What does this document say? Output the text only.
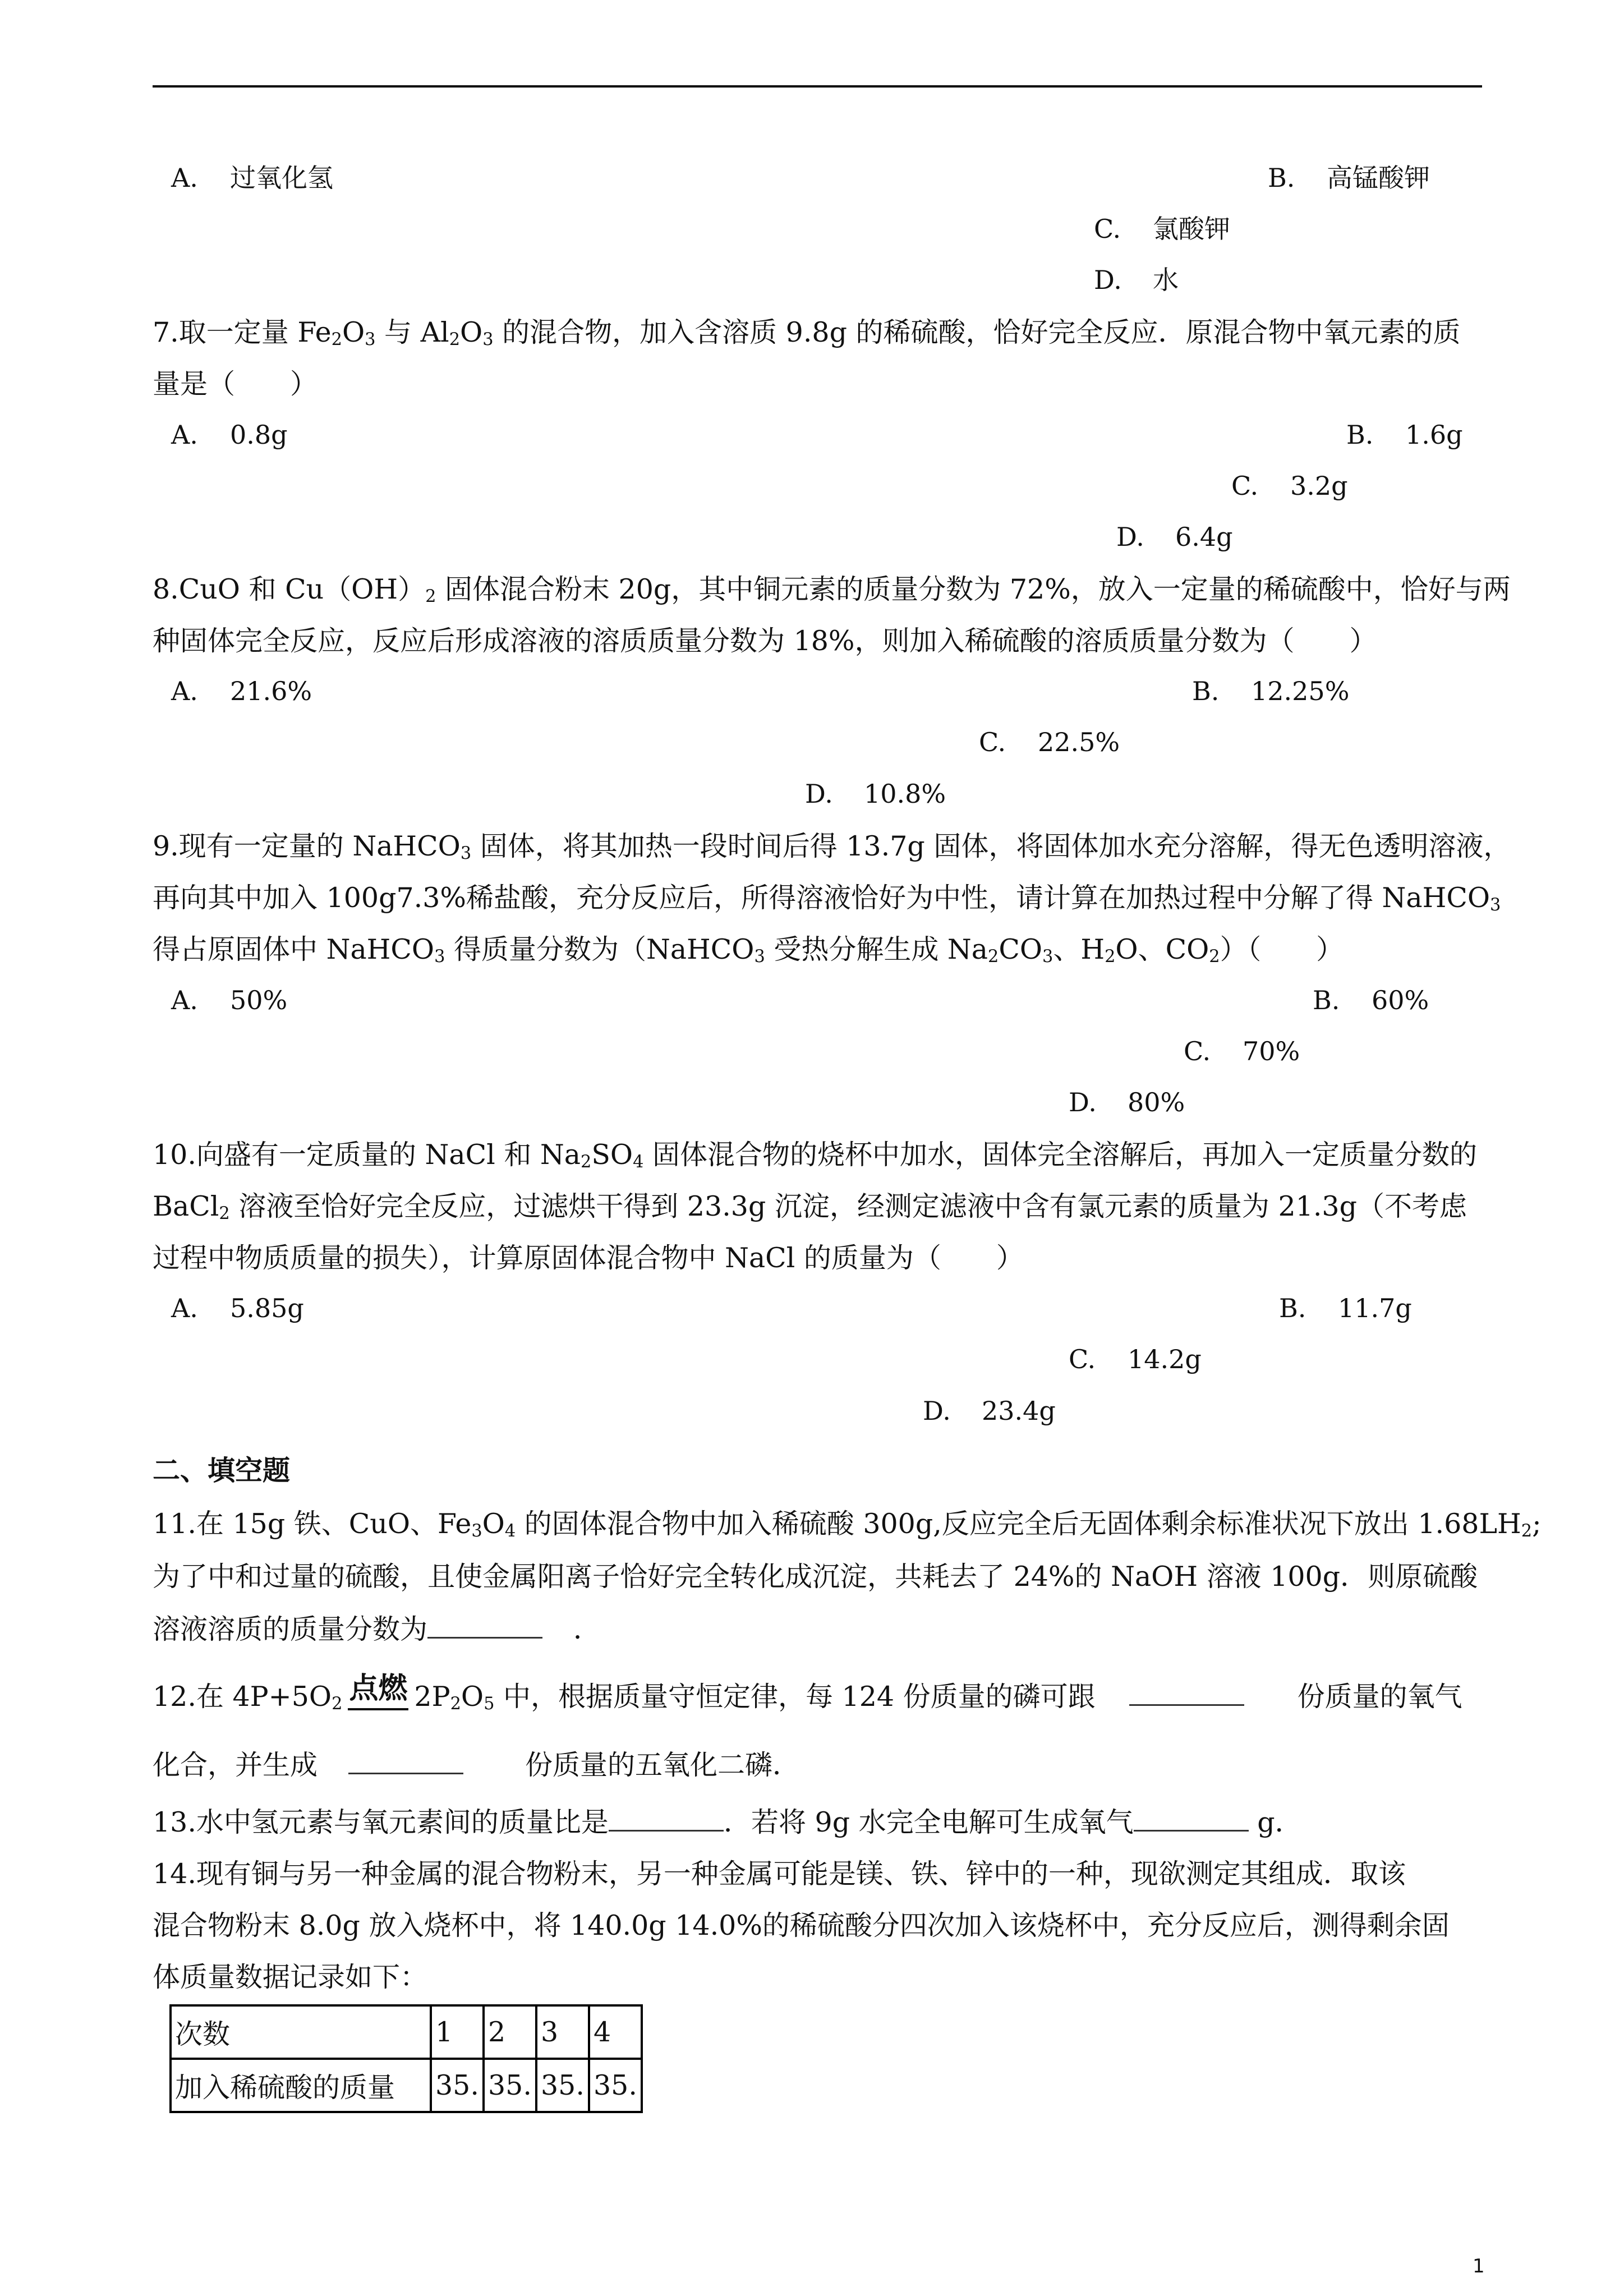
A. 过氧化氢	B. 高锰酸钾
C. 氯酸钾
D. 水
7.取一定量 $Fe_2O_3$ 与 $Al_2O_3$ 的混合物，加入含溶质 9.8g 的稀硫酸，恰好完全反应．原混合物中氧元素的质
量是（　　）
A. 0.8g	B. 1.6g
C. 3.2g
D. 6.4g
8.CuO 和 $Cu(OH)_2$ 固体混合粉末 20g，其中铜元素的质量分数为 72%，放入一定量的稀硫酸中，恰好与两
种固体完全反应，反应后形成溶液的溶质质量分数为 18%，则加入稀硫酸的溶质质量分数为（　　）
A. 21.6%	B. 12.25%
C. 22.5%
D. 10.8%
9.现有一定量的 NaHCO$_3$ 固体，将其加热一段时间后得 13.7g 固体，将固体加水充分溶解，得无色透明溶液，
再向其中加入 100g7.3%稀盐酸，充分反应后，所得溶液恰好为中性，请计算在加热过程中分解了得 NaHCO$_3$
得占原固体中 NaHCO$_3$ 得质量分数为（NaHCO$_3$ 受热分解生成 $Na_2CO_3$、$H_2O$、$CO_2$）（　　）
A. 50%	B. 60%
C. 70%
D. 80%
10.向盛有一定质量的 NaCl 和 $Na_2SO_4$ 固体混合物的烧杯中加水，固体完全溶解后，再加入一定质量分数的
BaCl$_2$ 溶液至恰好完全反应，过滤烘干得到 23.3g 沉淀，经测定滤液中含有氯元素的质量为 21.3g（不考虑
过程中物质质量的损失），计算原固体混合物中 NaCl 的质量为（　　）
A. 5.85g	B. 11.7g
C. 14.2g
D. 23.4g
二、填空题
11.在 15g 铁、CuO、$Fe_3O_4$ 的固体混合物中加入稀硫酸 300g,反应完全后无固体剩余标准状况下放出 $1.68LH_2$;
为了中和过量的硫酸，且使金属阳离子恰好完全转化成沉淀，共耗去了 24%的 NaOH 溶液 100g．则原硫酸
溶液溶质的质量分数为	．
12.在 $4P+5O_2$ 点燃 $2P_2O_5$ 中，根据质量守恒定律，每 124 份质量的磷可跟	份质量的氧气
化合，并生成	份质量的五氧化二磷．
13.水中氢元素与氧元素间的质量比是	．若将 9g 水完全电解可生成氧气	g．
14.现有铜与另一种金属的混合物粉末，另一种金属可能是镁、铁、锌中的一种，现欲测定其组成．取该
混合物粉末 8.0g 放入烧杯中，将 140.0g 14.0%的稀硫酸分四次加入该烧杯中，充分反应后，测得剩余固
体质量数据记录如下：
次数	1	2	3	4
加入稀硫酸的质量	35.	35.	35.	35.
1
